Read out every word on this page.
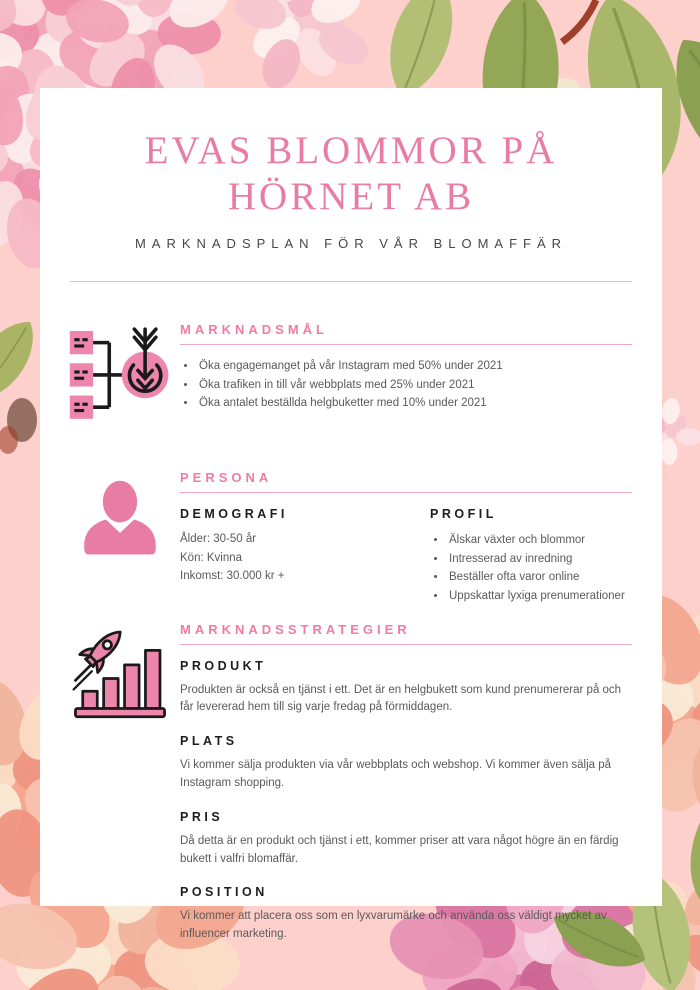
EVAS BLOMMOR PÅ
HÖRNET AB
MARKNADSPLAN FÖR VÅR BLOMAFFÄR
MARKNADSMÅL
• Öka engagemanget på vår Instagram med 50% under 2021
• Öka trafiken in till vår webbplats med 25% under 2021
• Öka antalet beställda helgbuketter med 10% under 2021
PERSONA
DEMOGRAFI

Ålder: 30-50 år

Kön: Kvinna

Inkomst: 30.000 kr +

PROFIL
• Älskar växter och blommor
• Intresserad av inredning
• Beställer ofta varor online
• Uppskattar lyxiga prenumerationer
MARKNADSSTRATEGIER
PRODUKT

Produkten är också en tjänst i ett. Det är en helgbukett som kund prenumererar på och får levererad hem till sig varje fredag på förmiddagen.

PLATS

Vi kommer sälja produkten via vår webbplats och webshop. Vi kommer även sälja på Instagram shopping.

PRIS

Då detta är en produkt och tjänst i ett, kommer priser att vara något högre än en färdig bukett i valfri blomaffär.

POSITION

Vi kommer att placera oss som en lyxvarumärke och använda oss väldigt mycket av influencer marketing.
